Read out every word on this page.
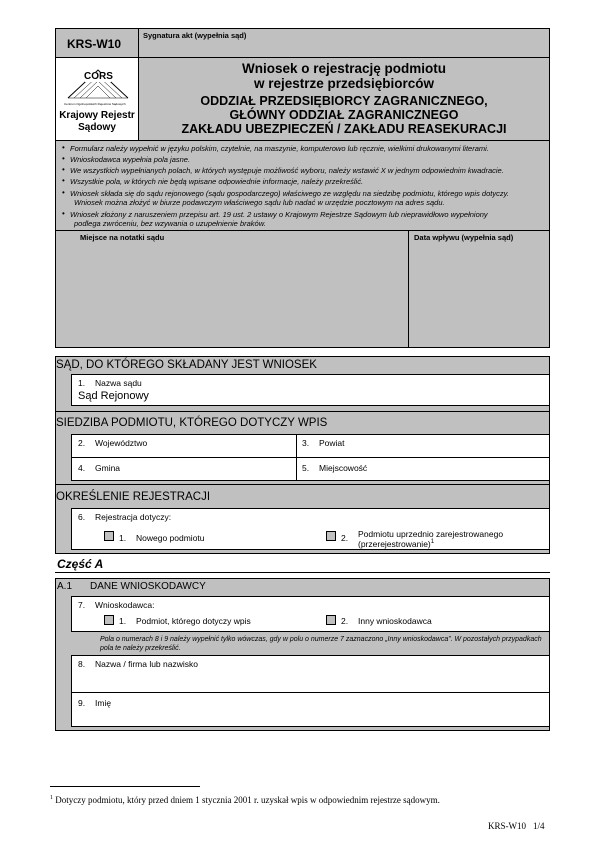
KRS-W10
Sygnatura akt (wypełnia sąd)
CORS
Centrum Ogólnopolskich Rejestrów Sądowych
Krajowy Rejestr
Sądowy
Wniosek o rejestrację podmiotu
w rejestrze przedsiębiorców
ODDZIAŁ PRZEDSIĘBIORCY ZAGRANICZNEGO,
GŁÓWNY ODDZIAŁ ZAGRANICZNEGO
ZAKŁADU UBEZPIECZEŃ / ZAKŁADU REASEKURACJI
• Formularz należy wypełnić w języku polskim, czytelnie, na maszynie, komputerowo lub ręcznie, wielkimi drukowanymi literami.
• Wnioskodawca wypełnia pola jasne.
• We wszystkich wypełnianych polach, w których występuje możliwość wyboru, należy wstawić X w jednym odpowiednim kwadracie.
• Wszystkie pola, w których nie będą wpisane odpowiednie informacje, należy przekreślić.
• Wniosek składa się do sądu rejonowego (sądu gospodarczego) właściwego ze względu na siedzibę podmiotu, którego wpis dotyczy.
Wniosek można złożyć w biurze podawczym właściwego sądu lub nadać w urzędzie pocztowym na adres sądu.
• Wniosek złożony z naruszeniem przepisu art. 19 ust. 2 ustawy o Krajowym Rejestrze Sądowym lub nieprawidłowo wypełniony
podlega zwróceniu, bez wzywania o uzupełnienie braków.
Miejsce na notatki sądu	Data wpływu (wypełnia sąd)
SĄD, DO KTÓREGO SKŁADANY JEST WNIOSEK
1. Nazwa sądu
Sąd Rejonowy
SIEDZIBA PODMIOTU, KTÓREGO DOTYCZY WPIS
2. Województwo	3. Powiat
4. Gmina	5. Miejscowość
OKREŚLENIE REJESTRACJI
6. Rejestracja dotyczy:
1. Nowego podmiotu	2. Podmiotu uprzednio zarejestrowanego
(przerejestrowanie)$^1$
Część A
A.1 DANE WNIOSKODAWCY
Pola o numerach 8 i 9 należy wypełnić tylko wówczas, gdy w polu o numerze 7 zaznaczono „Inny wnioskodawca”. W pozostałych przypadkach
pola te należy przekreślić.
7. Wnioskodawca:
1. Podmiot, którego dotyczy wpis	2. Inny wnioskodawca
8. Nazwa / firma lub nazwisko
9. Imię
$^1$ Dotyczy podmiotu, który przed dniem 1 stycznia 2001 r. uzyskał wpis w odpowiednim rejestrze sądowym.
KRS-W10 1/4
